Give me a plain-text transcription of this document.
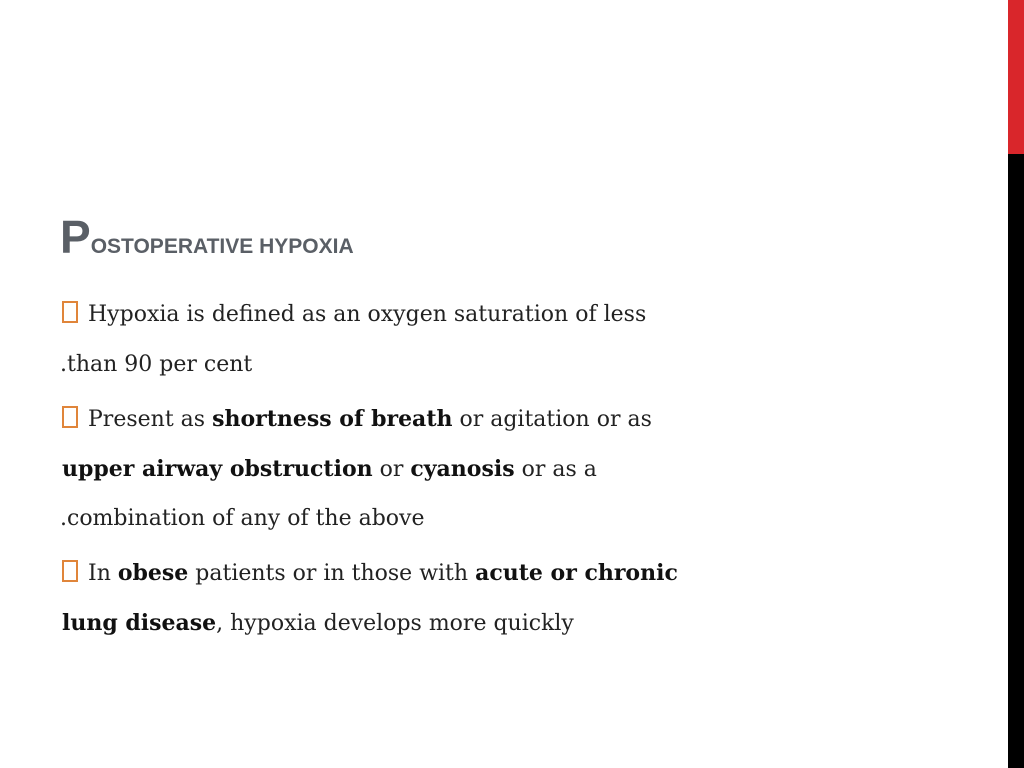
POSTOPERATIVE HYPOXIA
Hypoxia is defined as an oxygen saturation of less
.than 90 per cent
Present as shortness of breath or agitation or as
upper airway obstruction or cyanosis or as a
.combination of any of the above
In obese patients or in those with acute or chronic
lung disease, hypoxia develops more quickly
